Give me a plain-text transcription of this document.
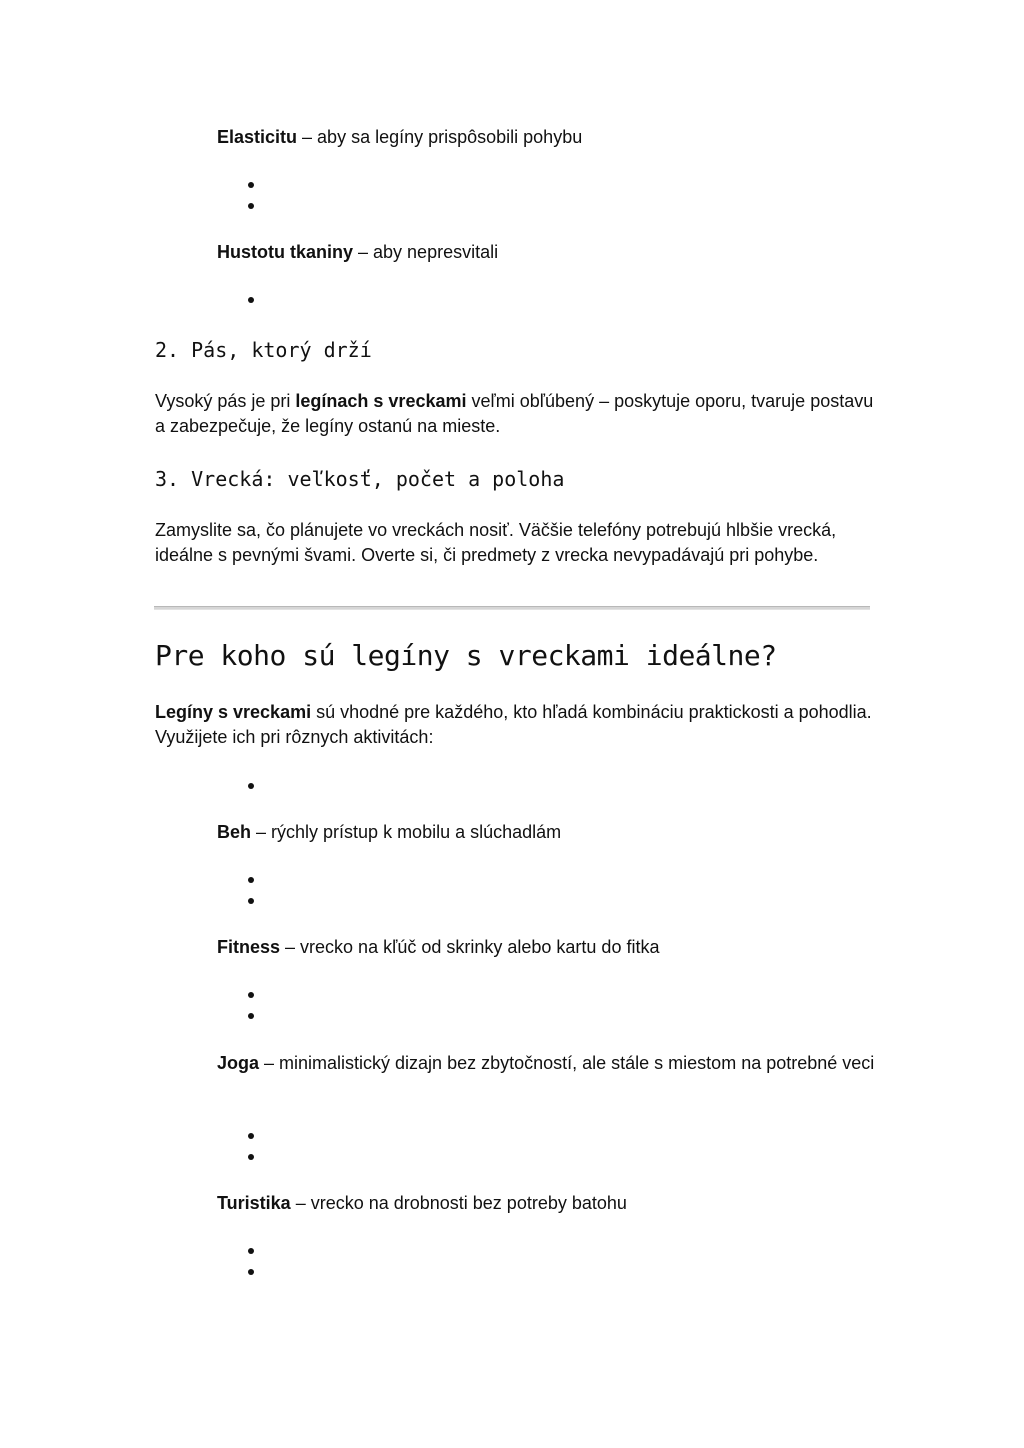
Elasticitu – aby sa legíny prispôsobili pohybu
Hustotu tkaniny – aby nepresvitali
2. Pás, ktorý drží

Vysoký pás je pri legínach s vreckami veľmi obľúbený – poskytuje oporu, tvaruje postavu a zabezpečuje, že legíny ostanú na mieste.

3. Vrecká: veľkosť, počet a poloha

Zamyslite sa, čo plánujete vo vreckách nosiť. Väčšie telefóny potrebujú hlbšie vrecká, ideálne s pevnými švami. Overte si, či predmety z vrecka nevypadávajú pri pohybe.

Pre koho sú legíny s vreckami ideálne?

Legíny s vreckami sú vhodné pre každého, kto hľadá kombináciu praktickosti a pohodlia. Využijete ich pri rôznych aktivitách:

Beh – rýchly prístup k mobilu a slúchadlám
Fitness – vrecko na kľúč od skrinky alebo kartu do fitka
Joga – minimalistický dizajn bez zbytočností, ale stále s miestom na potrebné veci
Turistika – vrecko na drobnosti bez potreby batohu
